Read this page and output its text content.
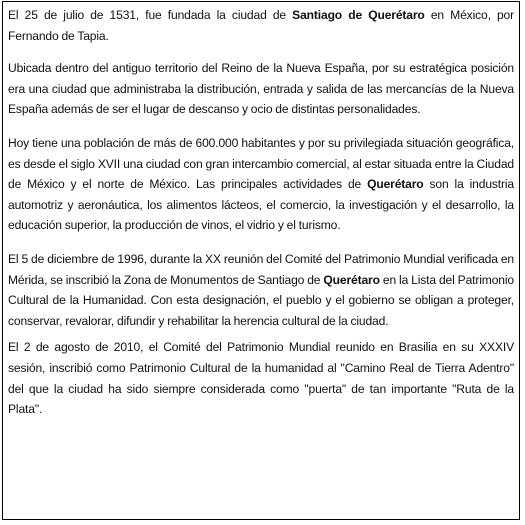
El 25 de julio de 1531, fue fundada la ciudad de Santiago de Querétaro en México, por Fernando de Tapia.

Ubicada dentro del antiguo territorio del Reino de la Nueva España, por su estratégica posición era una ciudad que administraba la distribución, entrada y salida de las mercancías de la Nueva España además de ser el lugar de descanso y ocio de distintas personalidades.

Hoy tiene una población de más de 600.000 habitantes y por su privilegiada situación geográfica, es desde el siglo XVII una ciudad con gran intercambio comercial, al estar situada entre la Ciudad de México y el norte de México. Las principales actividades de Querétaro son la industria automotriz y aeronáutica, los alimentos lácteos, el comercio, la investigación y el desarrollo, la educación superior, la producción de vinos, el vidrio y el turismo.

El 5 de diciembre de 1996, durante la XX reunión del Comité del Patrimonio Mundial verificada en Mérida, se inscribió la Zona de Monumentos de Santiago de Querétaro en la Lista del Patrimonio Cultural de la Humanidad. Con esta designación, el pueblo y el gobierno se obligan a proteger, conservar, revalorar, difundir y rehabilitar la herencia cultural de la ciudad.

El 2 de agosto de 2010, el Comité del Patrimonio Mundial reunido en Brasilia en su XXXIV sesión, inscribió como Patrimonio Cultural de la humanidad al "Camino Real de Tierra Adentro" del que la ciudad ha sido siempre considerada como "puerta" de tan importante "Ruta de la Plata".
